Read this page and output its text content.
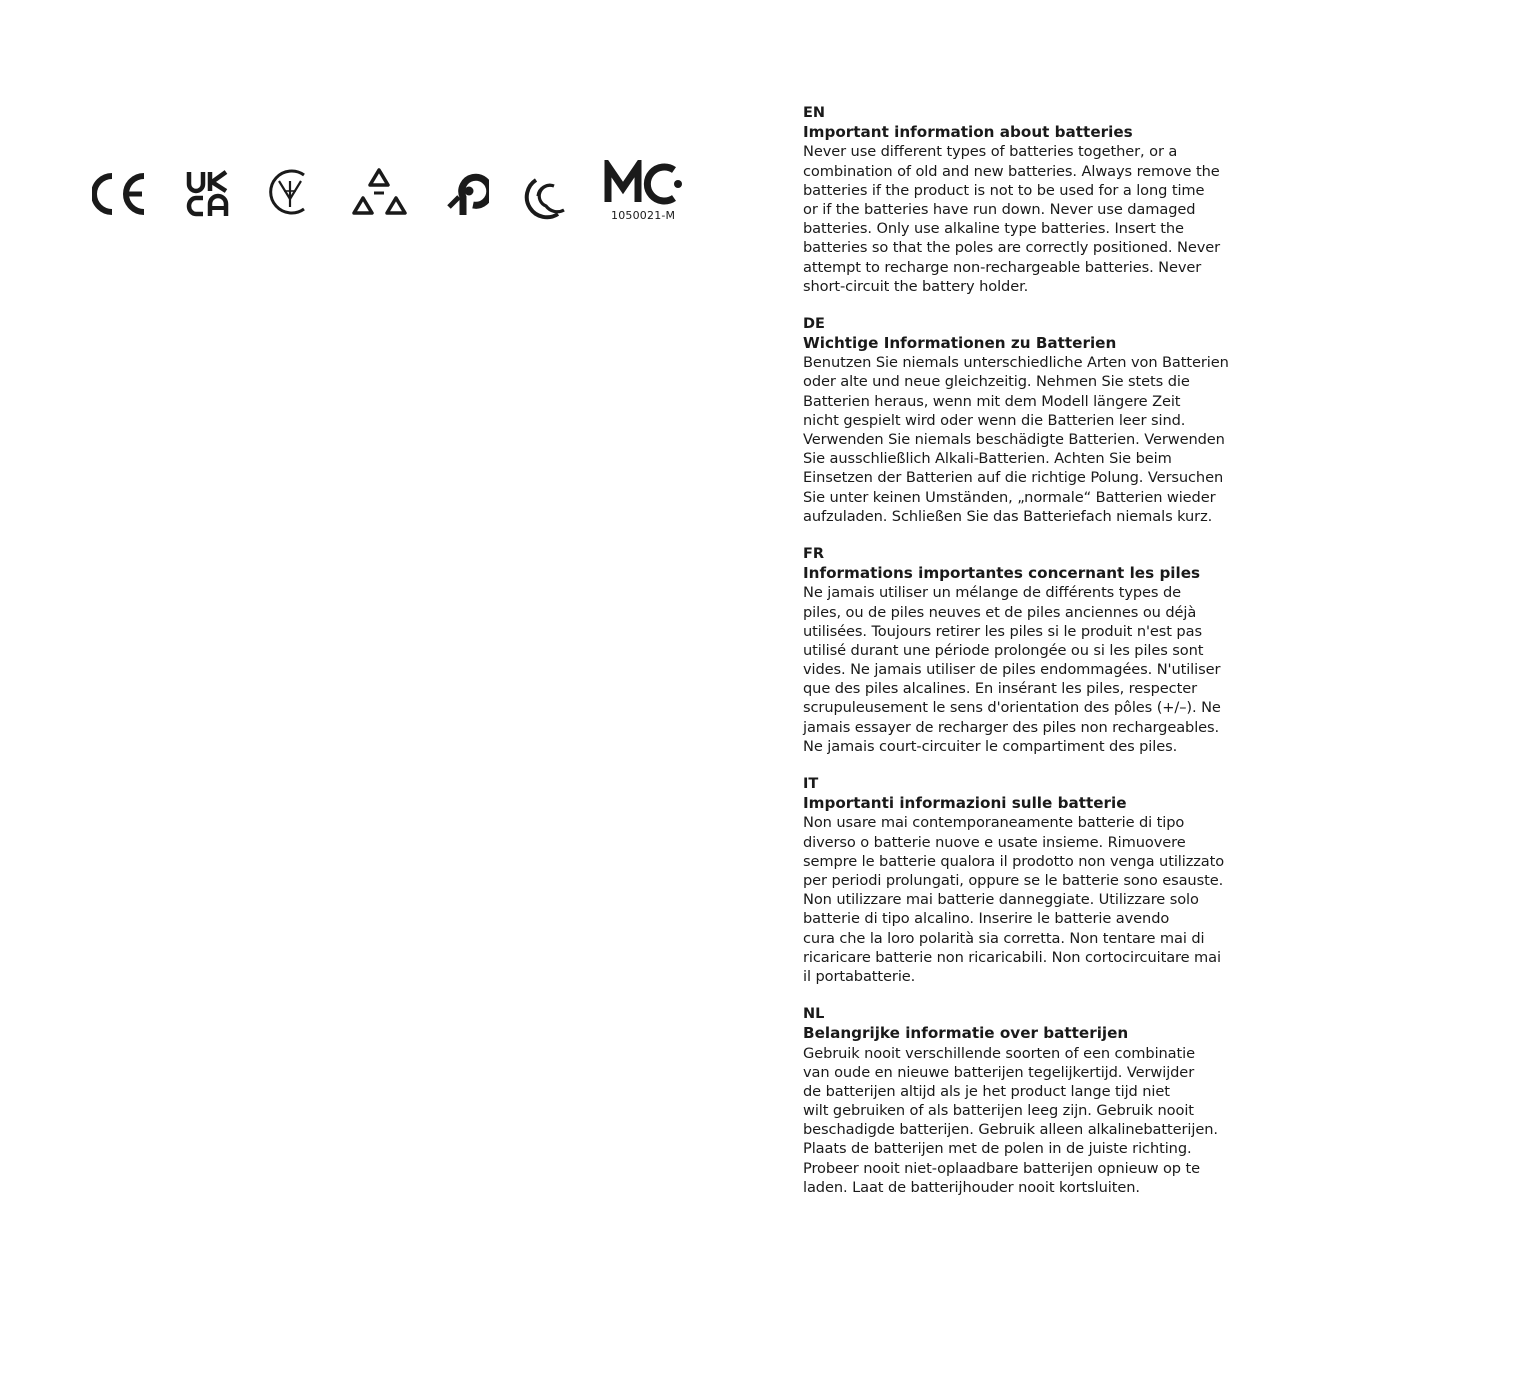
1050021-M
EN
Important information about batteries
Never use different types of batteries together, or a
combination of old and new batteries. Always remove the
batteries if the product is not to be used for a long time
or if the batteries have run down. Never use damaged
batteries. Only use alkaline type batteries. Insert the
batteries so that the poles are correctly positioned. Never
attempt to recharge non-rechargeable batteries. Never
short-circuit the battery holder.
DE
Wichtige Informationen zu Batterien
Benutzen Sie niemals unterschiedliche Arten von Batterien
oder alte und neue gleichzeitig. Nehmen Sie stets die
Batterien heraus, wenn mit dem Modell längere Zeit
nicht gespielt wird oder wenn die Batterien leer sind.
Verwenden Sie niemals beschädigte Batterien. Verwenden
Sie ausschließlich Alkali-Batterien. Achten Sie beim
Einsetzen der Batterien auf die richtige Polung. Versuchen
Sie unter keinen Umständen, „normale“ Batterien wieder
aufzuladen. Schließen Sie das Batteriefach niemals kurz.
FR
Informations importantes concernant les piles
Ne jamais utiliser un mélange de différents types de
piles, ou de piles neuves et de piles anciennes ou déjà
utilisées. Toujours retirer les piles si le produit n'est pas
utilisé durant une période prolongée ou si les piles sont
vides. Ne jamais utiliser de piles endommagées. N'utiliser
que des piles alcalines. En insérant les piles, respecter
scrupuleusement le sens d'orientation des pôles (+/–). Ne
jamais essayer de recharger des piles non rechargeables.
Ne jamais court-circuiter le compartiment des piles.
IT
Importanti informazioni sulle batterie
Non usare mai contemporaneamente batterie di tipo
diverso o batterie nuove e usate insieme. Rimuovere
sempre le batterie qualora il prodotto non venga utilizzato
per periodi prolungati, oppure se le batterie sono esauste.
Non utilizzare mai batterie danneggiate. Utilizzare solo
batterie di tipo alcalino. Inserire le batterie avendo
cura che la loro polarità sia corretta. Non tentare mai di
ricaricare batterie non ricaricabili. Non cortocircuitare mai
il portabatterie.
NL
Belangrijke informatie over batterijen
Gebruik nooit verschillende soorten of een combinatie
van oude en nieuwe batterijen tegelijkertijd. Verwijder
de batterijen altijd als je het product lange tijd niet
wilt gebruiken of als batterijen leeg zijn. Gebruik nooit
beschadigde batterijen. Gebruik alleen alkalinebatterijen.
Plaats de batterijen met de polen in de juiste richting.
Probeer nooit niet-oplaadbare batterijen opnieuw op te
laden. Laat de batterijhouder nooit kortsluiten.
